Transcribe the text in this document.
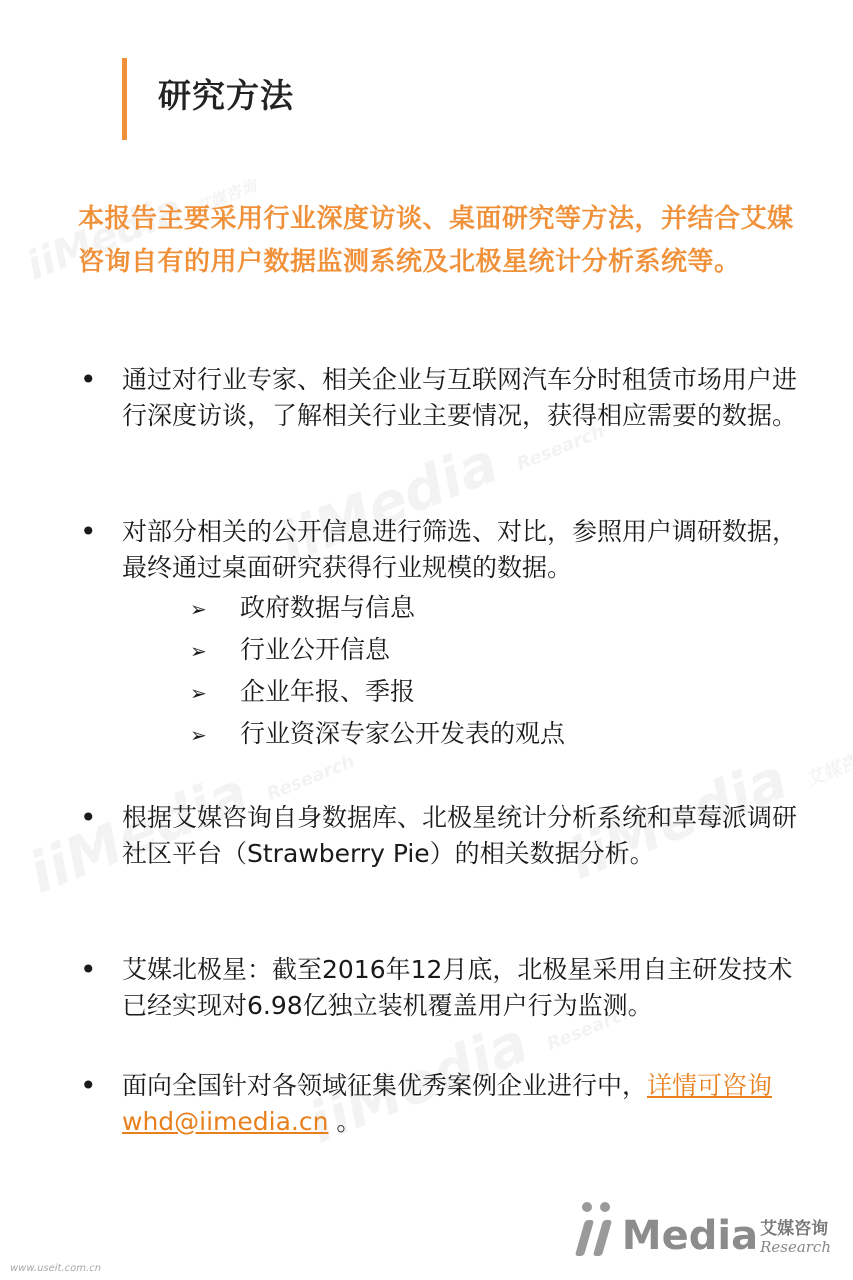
研究方法
本报告主要采用行业深度访谈、桌面研究等方法，并结合艾媒咨询自有的用户数据监测系统及北极星统计分析系统等。
• 通过对行业专家、相关企业与互联网汽车分时租赁市场用户进行深度访谈，了解相关行业主要情况，获得相应需要的数据。
• 对部分相关的公开信息进行筛选、对比，参照用户调研数据，最终通过桌面研究获得行业规模的数据。
➢ 政府数据与信息
➢ 行业公开信息
➢ 企业年报、季报
➢ 行业资深专家公开发表的观点
• 根据艾媒咨询自身数据库、北极星统计分析系统和草莓派调研社区平台（Strawberry Pie）的相关数据分析。
• 艾媒北极星：截至2016年12月底，北极星采用自主研发技术已经实现对6.98亿独立装机覆盖用户行为监测。
• 面向全国针对各领域征集优秀案例企业进行中，详情可咨询whd@iimedia.cn 。
Media 艾媒咨询
Research
www.useit.com.cn
